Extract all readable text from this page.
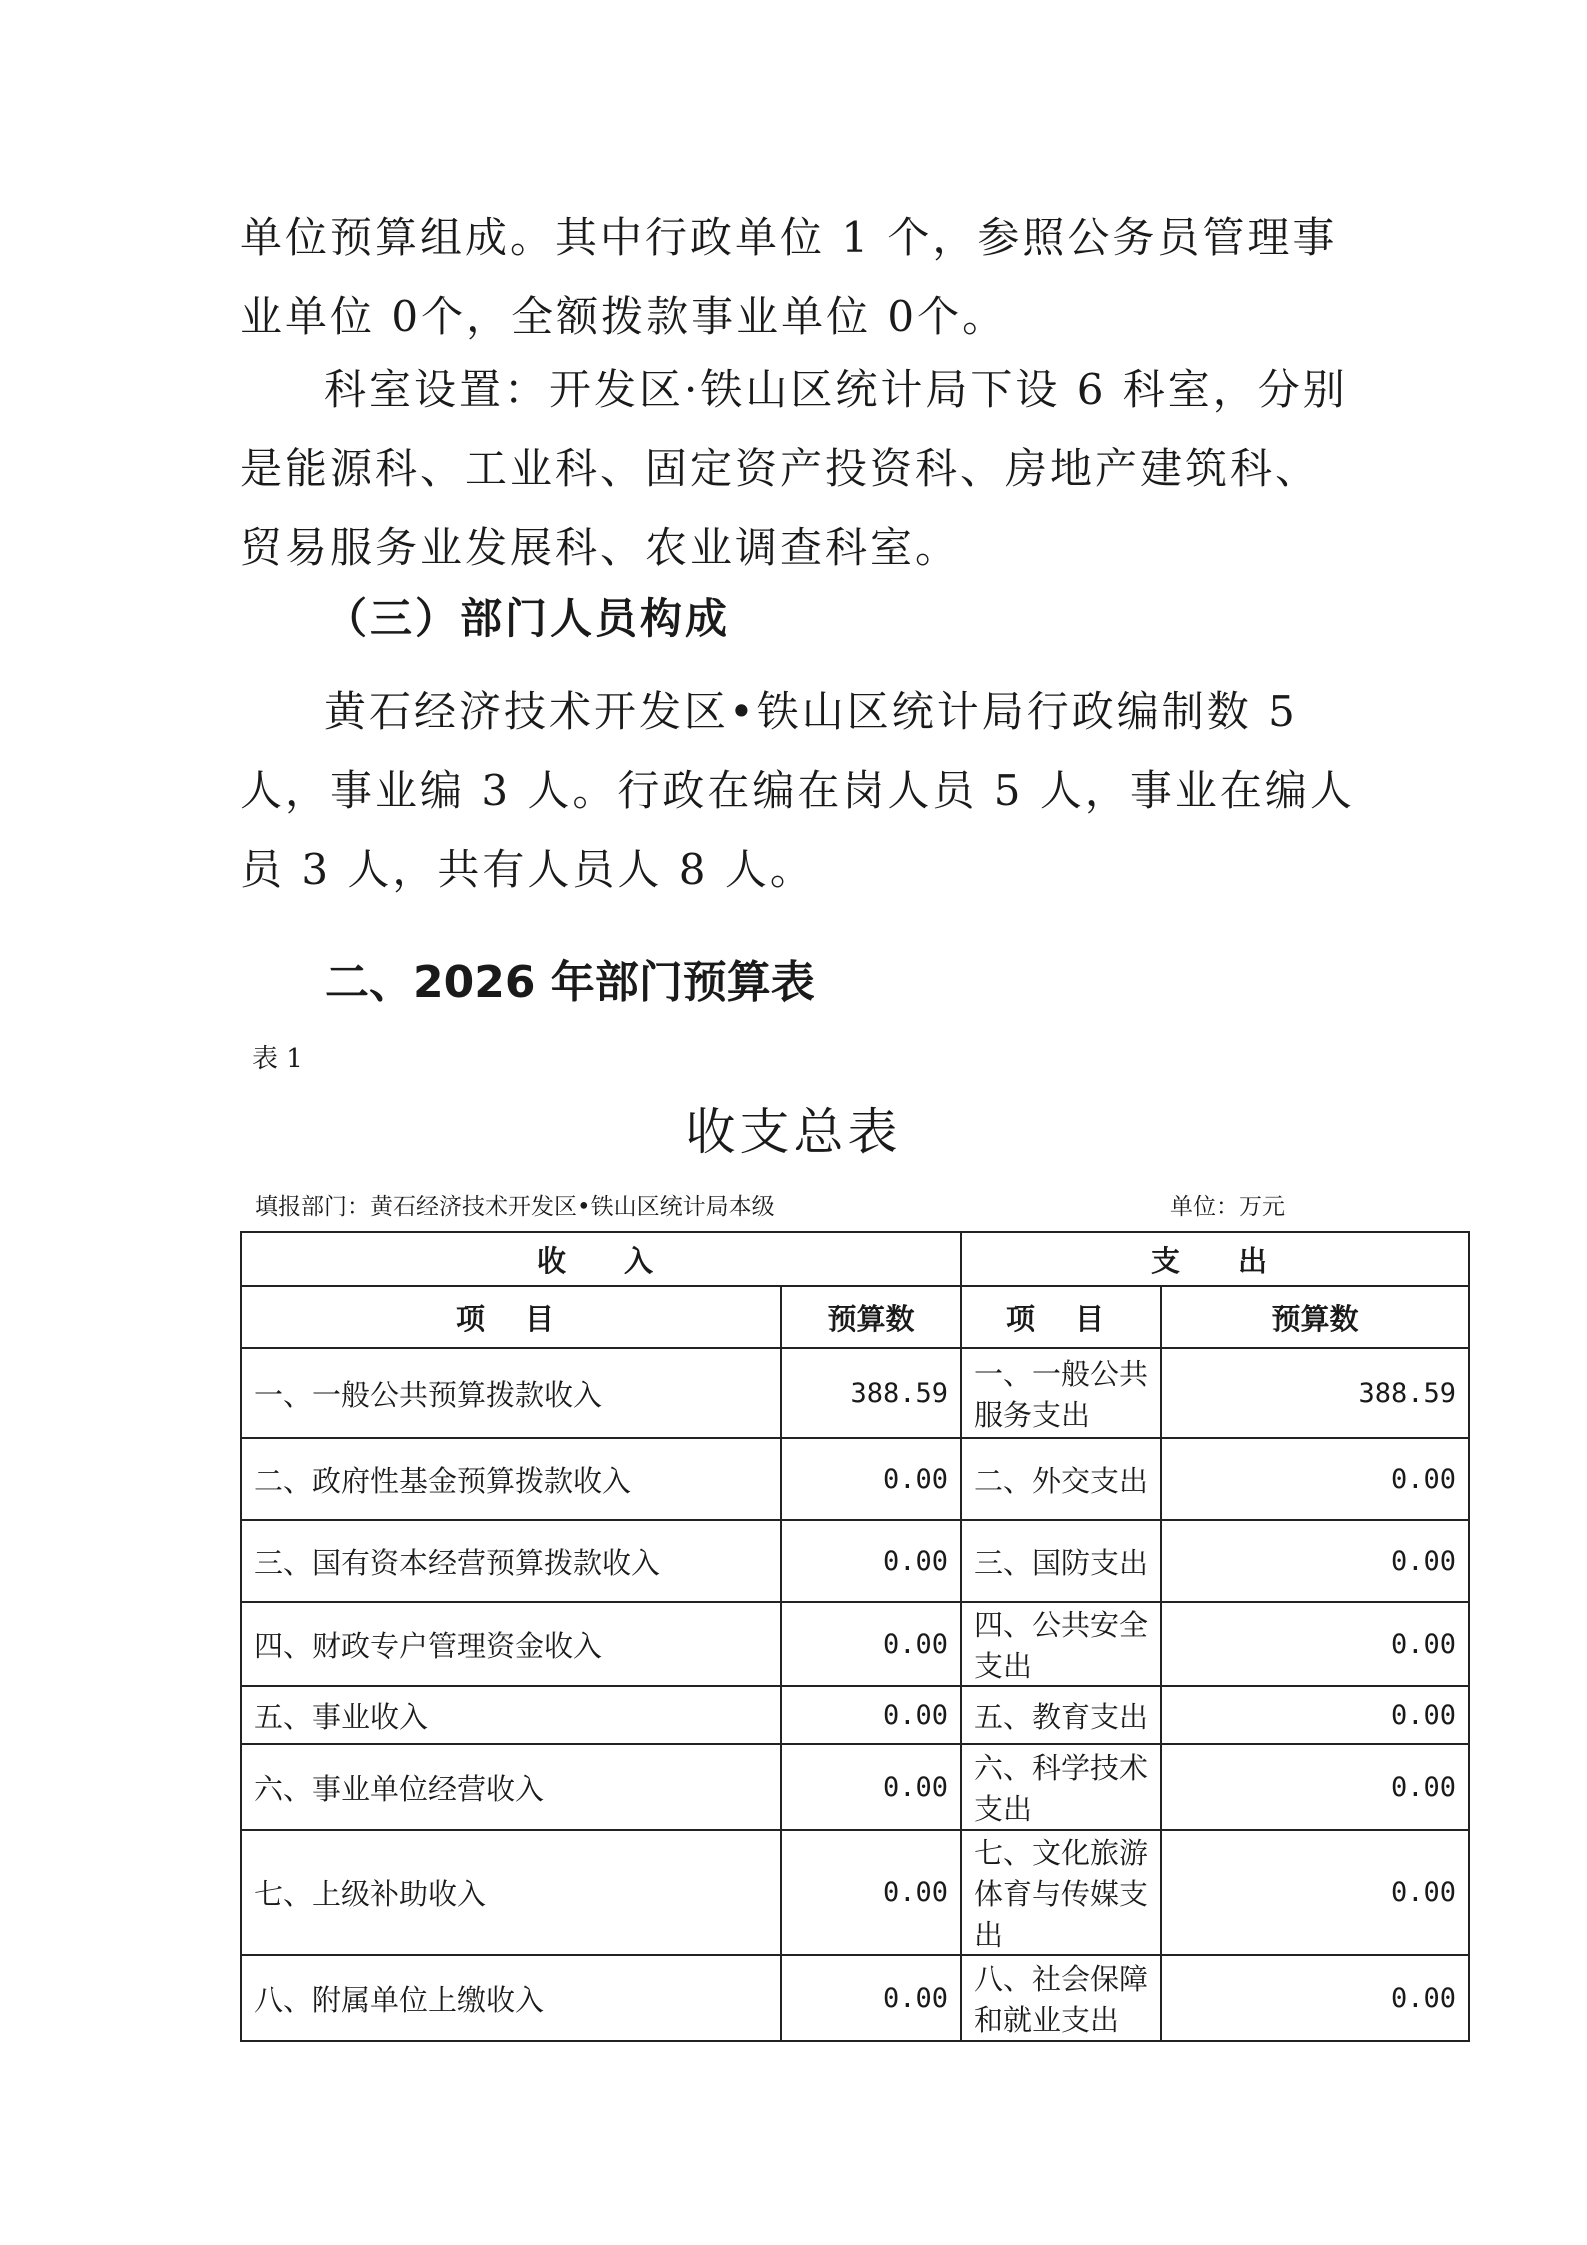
单位预算组成。其中行政单位 1 个，参照公务员管理事业单位 0个，全额拨款事业单位 0个。

科室设置：开发区·铁山区统计局下设 6 科室，分别是能源科、工业科、固定资产投资科、房地产建筑科、贸易服务业发展科、农业调查科室。

（三）部门人员构成

黄石经济技术开发区•铁山区统计局行政编制数 5 人，事业编 3 人。行政在编在岗人员 5 人，事业在编人员 3 人，共有人员人 8 人。

二、2026 年部门预算表
表 1
收支总表
填报部门：黄石经济技术开发区•铁山区统计局本级	单位：万元
收入		支出	
项目	预算数	项目	预算数
一、一般公共预算拨款收入	388.59	一、一般公共服务支出	388.59
二、政府性基金预算拨款收入	0.00	二、外交支出	0.00
三、国有资本经营预算拨款收入	0.00	三、国防支出	0.00
四、财政专户管理资金收入	0.00	四、公共安全支出	0.00
五、事业收入	0.00	五、教育支出	0.00
六、事业单位经营收入	0.00	六、科学技术支出	0.00
七、上级补助收入	0.00	七、文化旅游体育与传媒支出	0.00
八、附属单位上缴收入	0.00	八、社会保障和就业支出	0.00
